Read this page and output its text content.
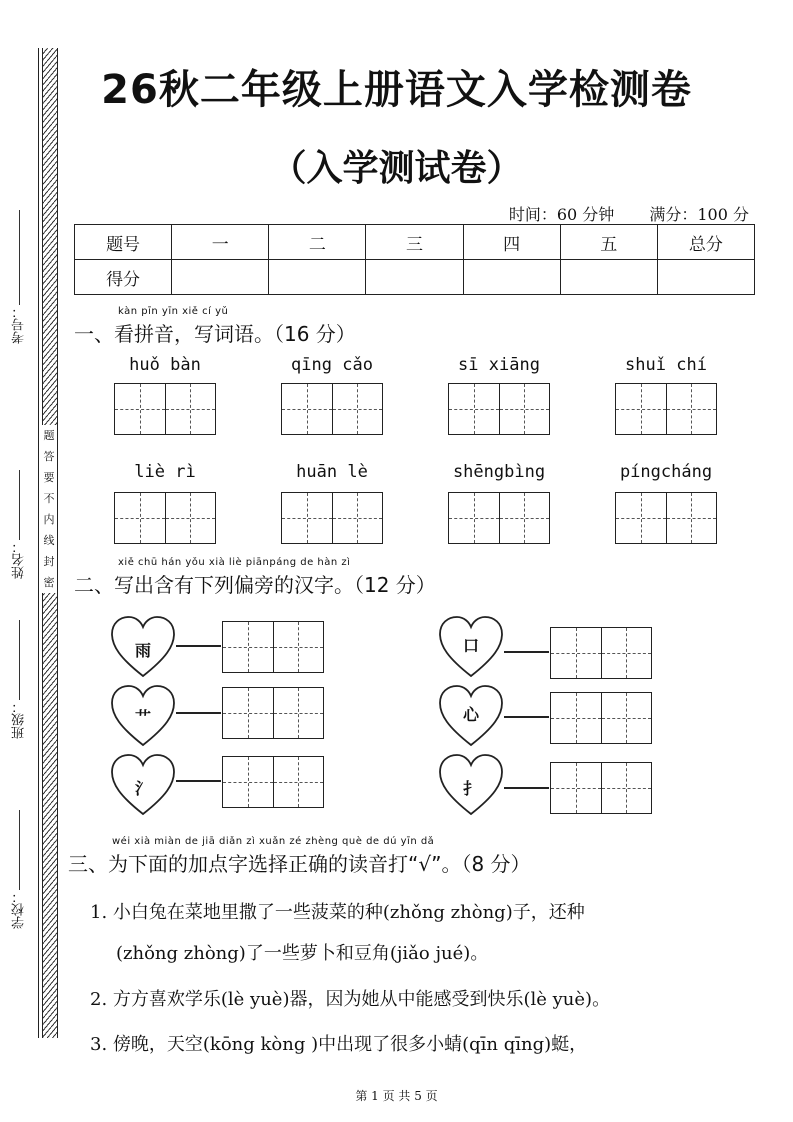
考号：
姓名：
班级：
学校：
题
答
要
不
内
线
封
密
26秋二年级上册语文入学检测卷
（入学测试卷）
时间：60 分钟 满分：100 分
题号	一	二	三	四	五	总分
得分						
kàn pīn yīn xiě cí yǔ
一、看拼音，写词语。（16 分）
huǒ bàn	qīng cǎo	sī xiāng	shuǐ chí
liè rì	huān lè	shēngbìng	píngcháng
xiě chū hán yǒu xià liè piānpáng de hàn zì
二、写出含有下列偏旁的汉字。（12 分）
雨
艹
氵
口
心
扌
wéi xià miàn de jiā diǎn zì xuǎn zé zhèng què de dú yīn dǎ
三、为下面的加点字选择正确的读音打“√”。（8 分）
1. 小白兔在菜地里撒了一些菠菜的种(zhǒng zhòng)子，还种
(zhǒng zhòng)了一些萝卜和豆角(jiǎo jué)。
2. 方方喜欢学乐(lè yuè)器，因为她从中能感受到快乐(lè yuè)。
3. 傍晚，天空(kōng kòng )中出现了很多小蜻(qīn qīng)蜓，
第 1 页 共 5 页
